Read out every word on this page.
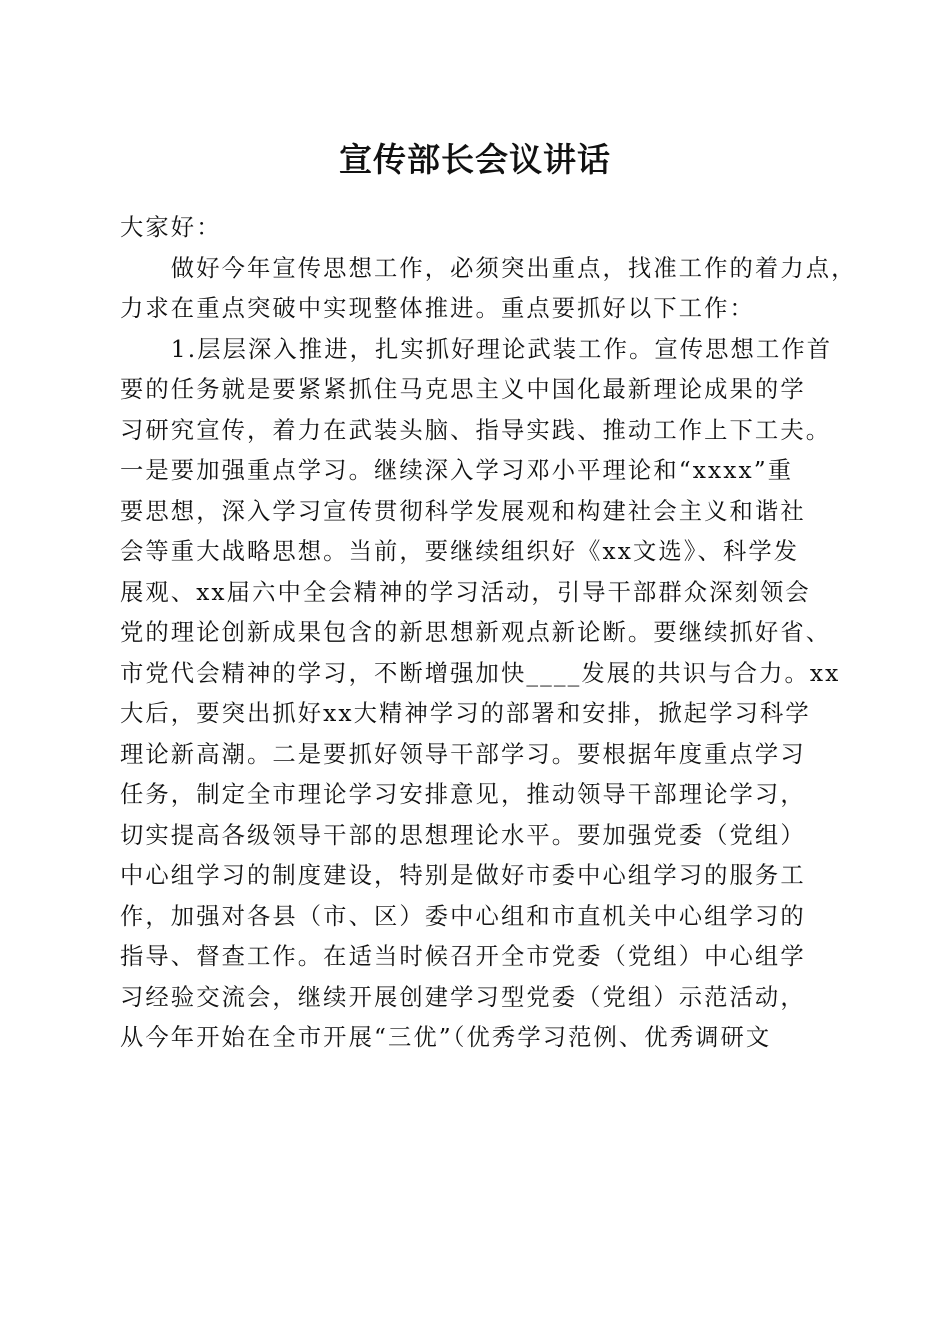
宣传部长会议讲话
大家好：
　　做好今年宣传思想工作，必须突出重点，找准工作的着力点，
力求在重点突破中实现整体推进。重点要抓好以下工作：
　　1.层层深入推进，扎实抓好理论武装工作。宣传思想工作首
要的任务就是要紧紧抓住马克思主义中国化最新理论成果的学
习研究宣传，着力在武装头脑、指导实践、推动工作上下工夫。
一是要加强重点学习。继续深入学习邓小平理论和“xxxx”重
要思想，深入学习宣传贯彻科学发展观和构建社会主义和谐社
会等重大战略思想。当前，要继续组织好《xx文选》、科学发
展观、xx届六中全会精神的学习活动，引导干部群众深刻领会
党的理论创新成果包含的新思想新观点新论断。要继续抓好省、
市党代会精神的学习，不断增强加快____发展的共识与合力。xx
大后，要突出抓好xx大精神学习的部署和安排，掀起学习科学
理论新高潮。二是要抓好领导干部学习。要根据年度重点学习
任务，制定全市理论学习安排意见，推动领导干部理论学习，
切实提高各级领导干部的思想理论水平。要加强党委（党组）
中心组学习的制度建设，特别是做好市委中心组学习的服务工
作，加强对各县（市、区）委中心组和市直机关中心组学习的
指导、督查工作。在适当时候召开全市党委（党组）中心组学
习经验交流会，继续开展创建学习型党委（党组）示范活动，
从今年开始在全市开展“三优”（优秀学习范例、优秀调研文
